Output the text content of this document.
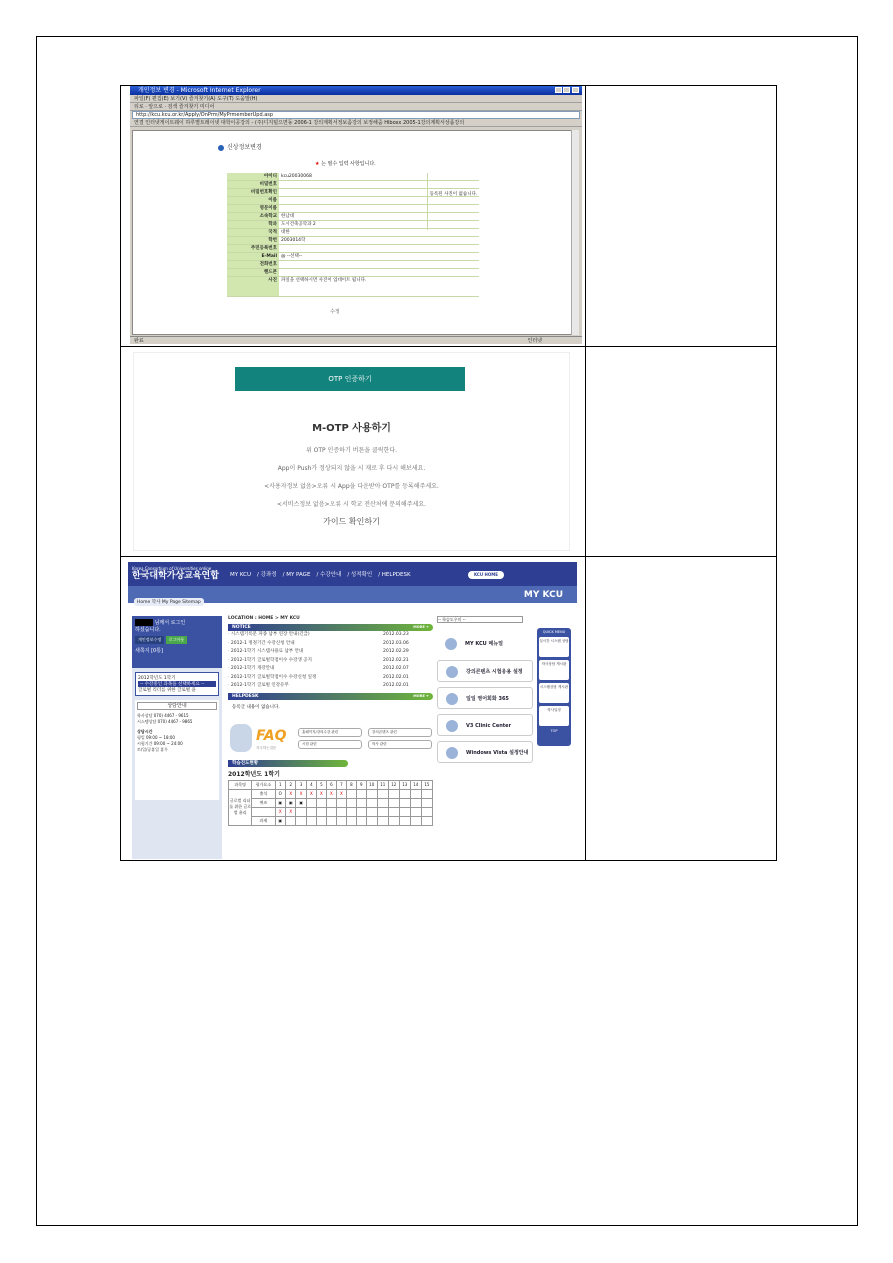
개인정보 변경 - Microsoft Internet Explorer
파일(F) 편집(E) 보기(V) 즐겨찾기(A) 도구(T) 도움말(H)
뒤로 · 앞으로 · 검색 즐겨찾기 미디어
http://kcu.kcu.or.kr/Apply/OnPrm/MyPrmemberUpd.asp
연결 인터넷게이트웨이 하루별트레이넷 대학이공강의 - (주)디지털으면동 2006-1 강의계획서정보좀강의 보정해줌 Hiboxx 2005-1강의계획서상품강의
신상정보변경
★ 는 필수 입력 사항입니다.
아이디 kcu20030068
비밀번호
비밀번호확인
이름
영문이름
소속학교 한남대
학과 도시건축공학과 2
국적 대한
학번 2003014학
주민등록번호
E-Mail @ --선택--
전화번호
핸드폰
사진 파일을 선택하시면 사진이 업데이트 됩니다.
등록된 사진이 없습니다.
수정
완료	인터넷
OTP 인증하기
M-OTP 사용하기
위 OTP 인증하기 버튼을 클릭한다.
App이 Push가 정상되지 않을 시 재로 후 다시 해보세요.
<사용자정보 없음>오류 시 App을 다운받아 OTP를 등록해주세요.
<서비스정보 없음>오류 시 학교 전산처에 문의해주세요.
가이드 확인하기
Korea Consortium of Universities online
한국대학가상교육연합 MY KCU / 강좌정 / MY PAGE / 수강안내 / 성적확인 / HELPDESK	KCU HOME
MY KCU
Home 학사 My Page Sitemap
님께서 로그인
하셨습니다.
개인정보수정 로그아웃
새쪽지 [0통]
2012학년도 1학기
-- 수강중인 과목을 선택하세요 --
글로벌 리더를 위한 글로벌 윤
상담안내
학사상담 070) 4467 - 9615
시스템상담 070) 4467 - 9865
상담시간
평일 09:00 ~ 18:00
시험기간 09:00 ~ 24:00
토/일/공휴일 휴무
LOCATION : HOME > MY KCU
NOTICE	MORE +
· 시스템기록문 파종 납부 연장 안내(긴급)	2012.03.23
· 2012-1 정정기간 수강신청 안내	2012.03.06
· 2012-1학기 시스템사용료 납부 안내	2012.02.29
· 2012-1학기 글로벌학점이수 수강생 공지	2012.02.21
· 2012-1학기 개강안내	2012.02.07
· 2012-1학기 글로벌학점이수 수강신청 일정	2012.02.01
· 2012-1학기 글로벌 인강유무	2012.02.01
HELPDESK	MORE +
등록글 내용이 없습니다.
FAQ
자주하는질문
홈페이지/강의수강 관련	강의콘텐츠 관련
시험 관련	학사 관련
학습진도현황
2012학년도 1학기
과목명	평가요소	1	2	3	4	5	6	7	8	9	10	11	12	13	14	15
글로벌 리더를 위한 글로벌 윤리	출석	O	X	X	X	X	X	X								
	퀴즈	▣	▣	▣												
		X	X													
	과제	▣														
-- 학습도우미 --
MY KCU 메뉴얼
강의콘텐츠 시험응용 설정
일일 영어회화 365
V3 Clinic Center
Windows Vista 설정안내
QUICK MENU
실시간 시스템 상담
학사상담 게시판
시스템상담 게시판
학사일정
TOP
